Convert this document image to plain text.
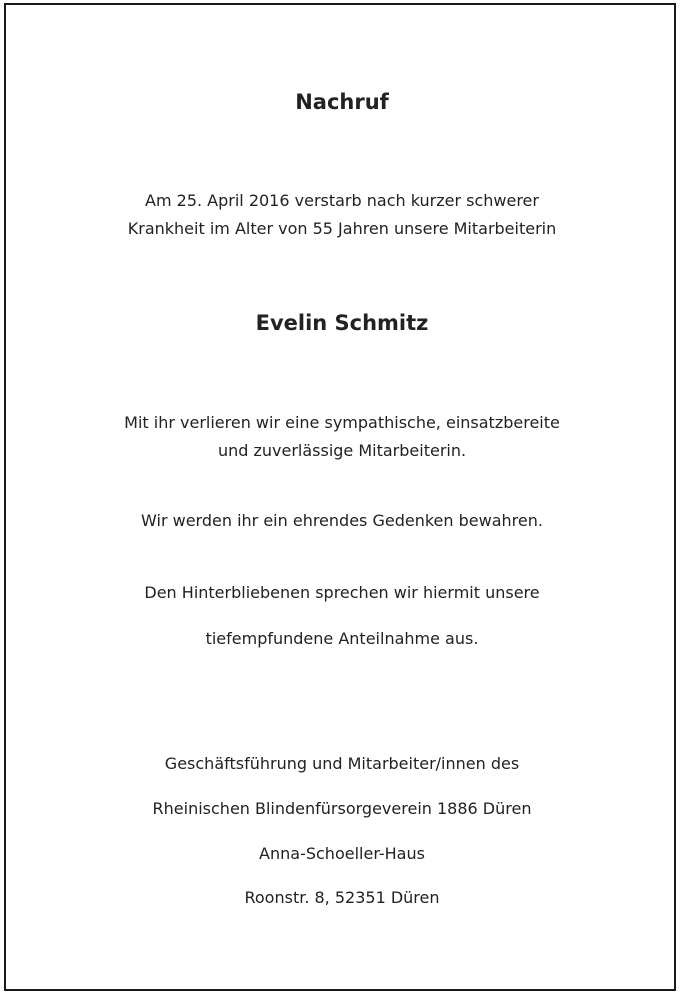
Nachruf
Am 25. April 2016 verstarb nach kurzer schwerer
Krankheit im Alter von 55 Jahren unsere Mitarbeiterin
Evelin Schmitz
Mit ihr verlieren wir eine sympathische, einsatzbereite
und zuverlässige Mitarbeiterin.
Wir werden ihr ein ehrendes Gedenken bewahren.
Den Hinterbliebenen sprechen wir hiermit unsere
tiefempfundene Anteilnahme aus.
Geschäftsführung und Mitarbeiter/innen des
Rheinischen Blindenfürsorgeverein 1886 Düren
Anna-Schoeller-Haus
Roonstr. 8, 52351 Düren
